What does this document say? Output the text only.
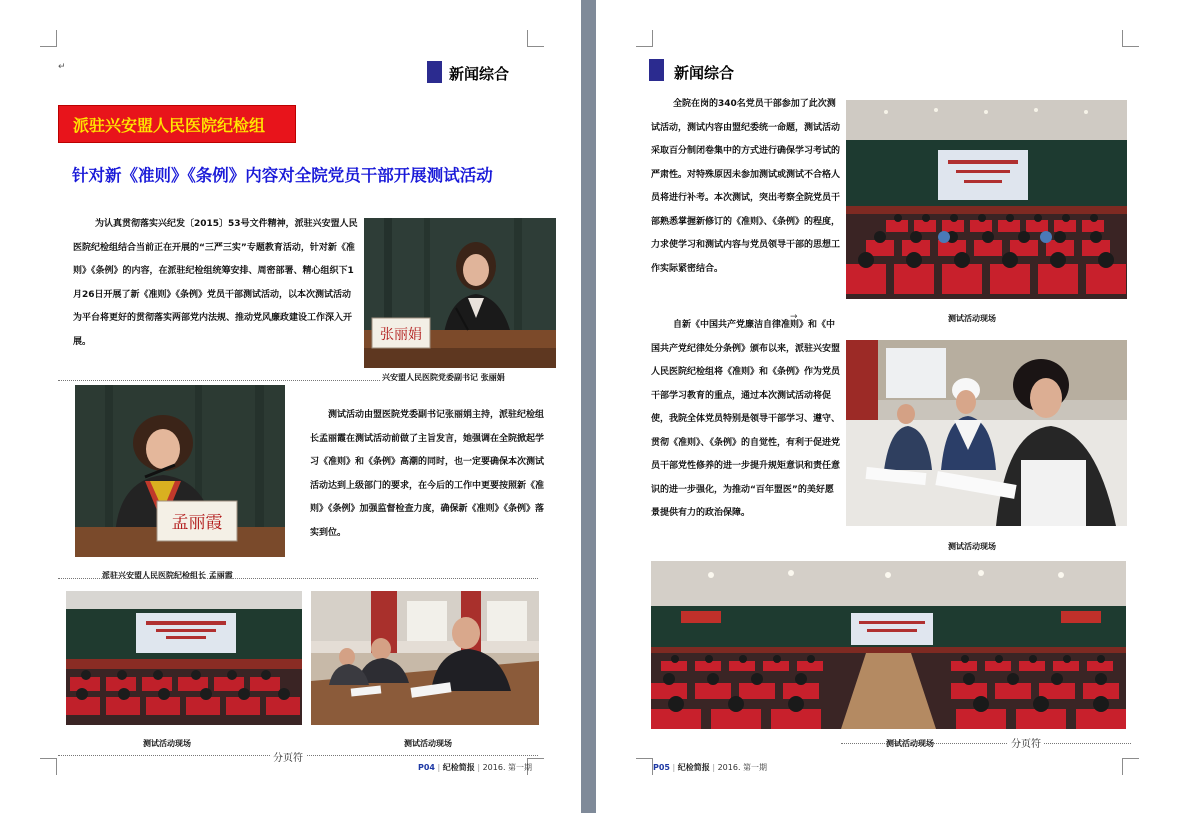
↵	新闻综合
派驻兴安盟人民医院纪检组
针对新《准则》《条例》内容对全院党员干部开展测试活动
为认真贯彻落实兴纪发〔2015〕53号文件精神，派驻兴安盟人民医院纪检组结合当前正在开展的“三严三实”专题教育活动，针对新《准则》《条例》的内容，在派驻纪检组统筹安排、周密部署、精心组织下1月26日开展了新《准则》《条例》党员干部测试活动，以本次测试活动为平台将更好的贯彻落实两部党内法规、推动党风廉政建设工作深入开展。	张丽娟
兴安盟人民医院党委副书记 张丽娟
孟丽霞
测试活动由盟医院党委副书记张丽娟主持，派驻纪检组长孟丽霞在测试活动前做了主旨发言，她强调在全院掀起学习《准则》和《条例》高潮的同时，也一定要确保本次测试活动达到上级部门的要求，在今后的工作中更要按照新《准则》《条例》加强监督检查力度，确保新《准则》《条例》落实到位。
派驻兴安盟人民医院纪检组长 孟丽霞
测试活动现场	测试活动现场
分页符
P04 | 纪检简报 | 2016. 第一期
新闻综合
全院在岗的340名党员干部参加了此次测试活动，测试内容由盟纪委统一命题，测试活动采取百分制闭卷集中的方式进行确保学习考试的严肃性。对特殊原因未参加测试或测试不合格人员将进行补考。本次测试，突出考察全院党员干部熟悉掌握新修订的《准则》、《条例》的程度，力求使学习和测试内容与党员领导干部的思想工作实际紧密结合。
测试活动现场
→
自新《中国共产党廉洁自律准则》和《中国共产党纪律处分条例》颁布以来，派驻兴安盟人民医院纪检组将《准则》和《条例》作为党员干部学习教育的重点，通过本次测试活动将促使，我院全体党员特别是领导干部学习、遵守、贯彻《准则》、《条例》的自觉性，有利于促进党员干部党性修养的进一步提升规矩意识和责任意识的进一步强化，为推动“百年盟医”的美好愿景提供有力的政治保障。
测试活动现场
测试活动现场	分页符
P05 | 纪检简报 | 2016. 第一期
